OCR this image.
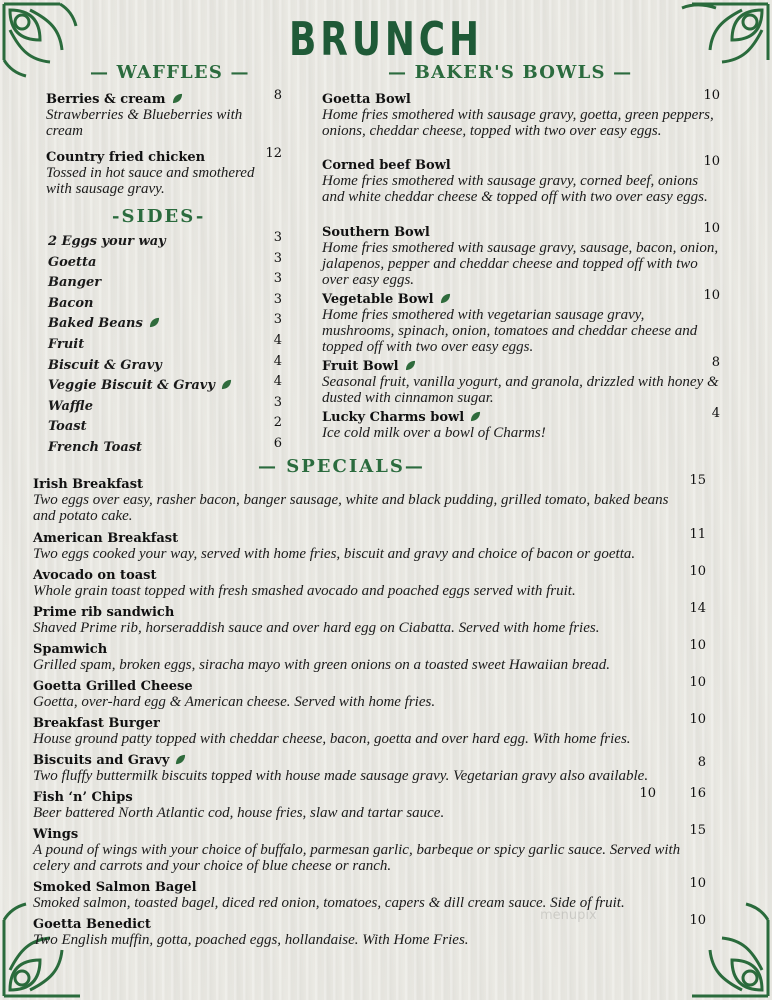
BRUNCH
— WAFFLES —
Berries & cream	8
Strawberries & Blueberries with cream
Country fried chicken	12
Tossed in hot sauce and smothered with sausage gravy.
-SIDES-
2 Eggs your way	3
Goetta	3
Banger	3
Bacon	3
Baked Beans	3
Fruit	4
Biscuit & Gravy	4
Veggie Biscuit & Gravy	4
Waffle	3
Toast	2
French Toast	6
— BAKER'S BOWLS —
Goetta Bowl	10
Home fries smothered with sausage gravy, goetta, green peppers, onions, cheddar cheese, topped with two over easy eggs.
Corned beef Bowl	10
Home fries smothered with sausage gravy, corned beef, onions and white cheddar cheese & topped off with two over easy eggs.
Southern Bowl	10
Home fries smothered with sausage gravy, sausage, bacon, onion, jalapenos, pepper and cheddar cheese and topped off with two over easy eggs.
Vegetable Bowl	10
Home fries smothered with vegetarian sausage gravy, mushrooms, spinach, onion, tomatoes and cheddar cheese and topped off with two over easy eggs.
Fruit Bowl	8
Seasonal fruit, vanilla yogurt, and granola, drizzled with honey & dusted with cinnamon sugar.
Lucky Charms bowl	4
Ice cold milk over a bowl of Charms!
— SPECIALS—
Irish Breakfast	15
Two eggs over easy, rasher bacon, banger sausage, white and black pudding, grilled tomato, baked beans and potato cake.
American Breakfast	11
Two eggs cooked your way, served with home fries, biscuit and gravy and choice of bacon or goetta.
Avocado on toast	10
Whole grain toast topped with fresh smashed avocado and poached eggs served with fruit.
Prime rib sandwich	14
Shaved Prime rib, horseraddish sauce and over hard egg on Ciabatta. Served with home fries.
Spamwich	10
Grilled spam, broken eggs, siracha mayo with green onions on a toasted sweet Hawaiian bread.
Goetta Grilled Cheese	10
Goetta, over-hard egg & American cheese. Served with home fries.
Breakfast Burger	10
House ground patty topped with cheddar cheese, bacon, goetta and over hard egg. With home fries.
Biscuits and Gravy	8
Two fluffy buttermilk biscuits topped with house made sausage gravy. Vegetarian gravy also available.
Fish ‘n’ Chips	10	16
Beer battered North Atlantic cod, house fries, slaw and tartar sauce.
Wings	15
A pound of wings with your choice of buffalo, parmesan garlic, barbeque or spicy garlic sauce. Served with celery and carrots and your choice of blue cheese or ranch.
Smoked Salmon Bagel	10
Smoked salmon, toasted bagel, diced red onion, tomatoes, capers & dill cream sauce. Side of fruit.
Goetta Benedict	10
Two English muffin, gotta, poached eggs, hollandaise. With Home Fries.
menupix
